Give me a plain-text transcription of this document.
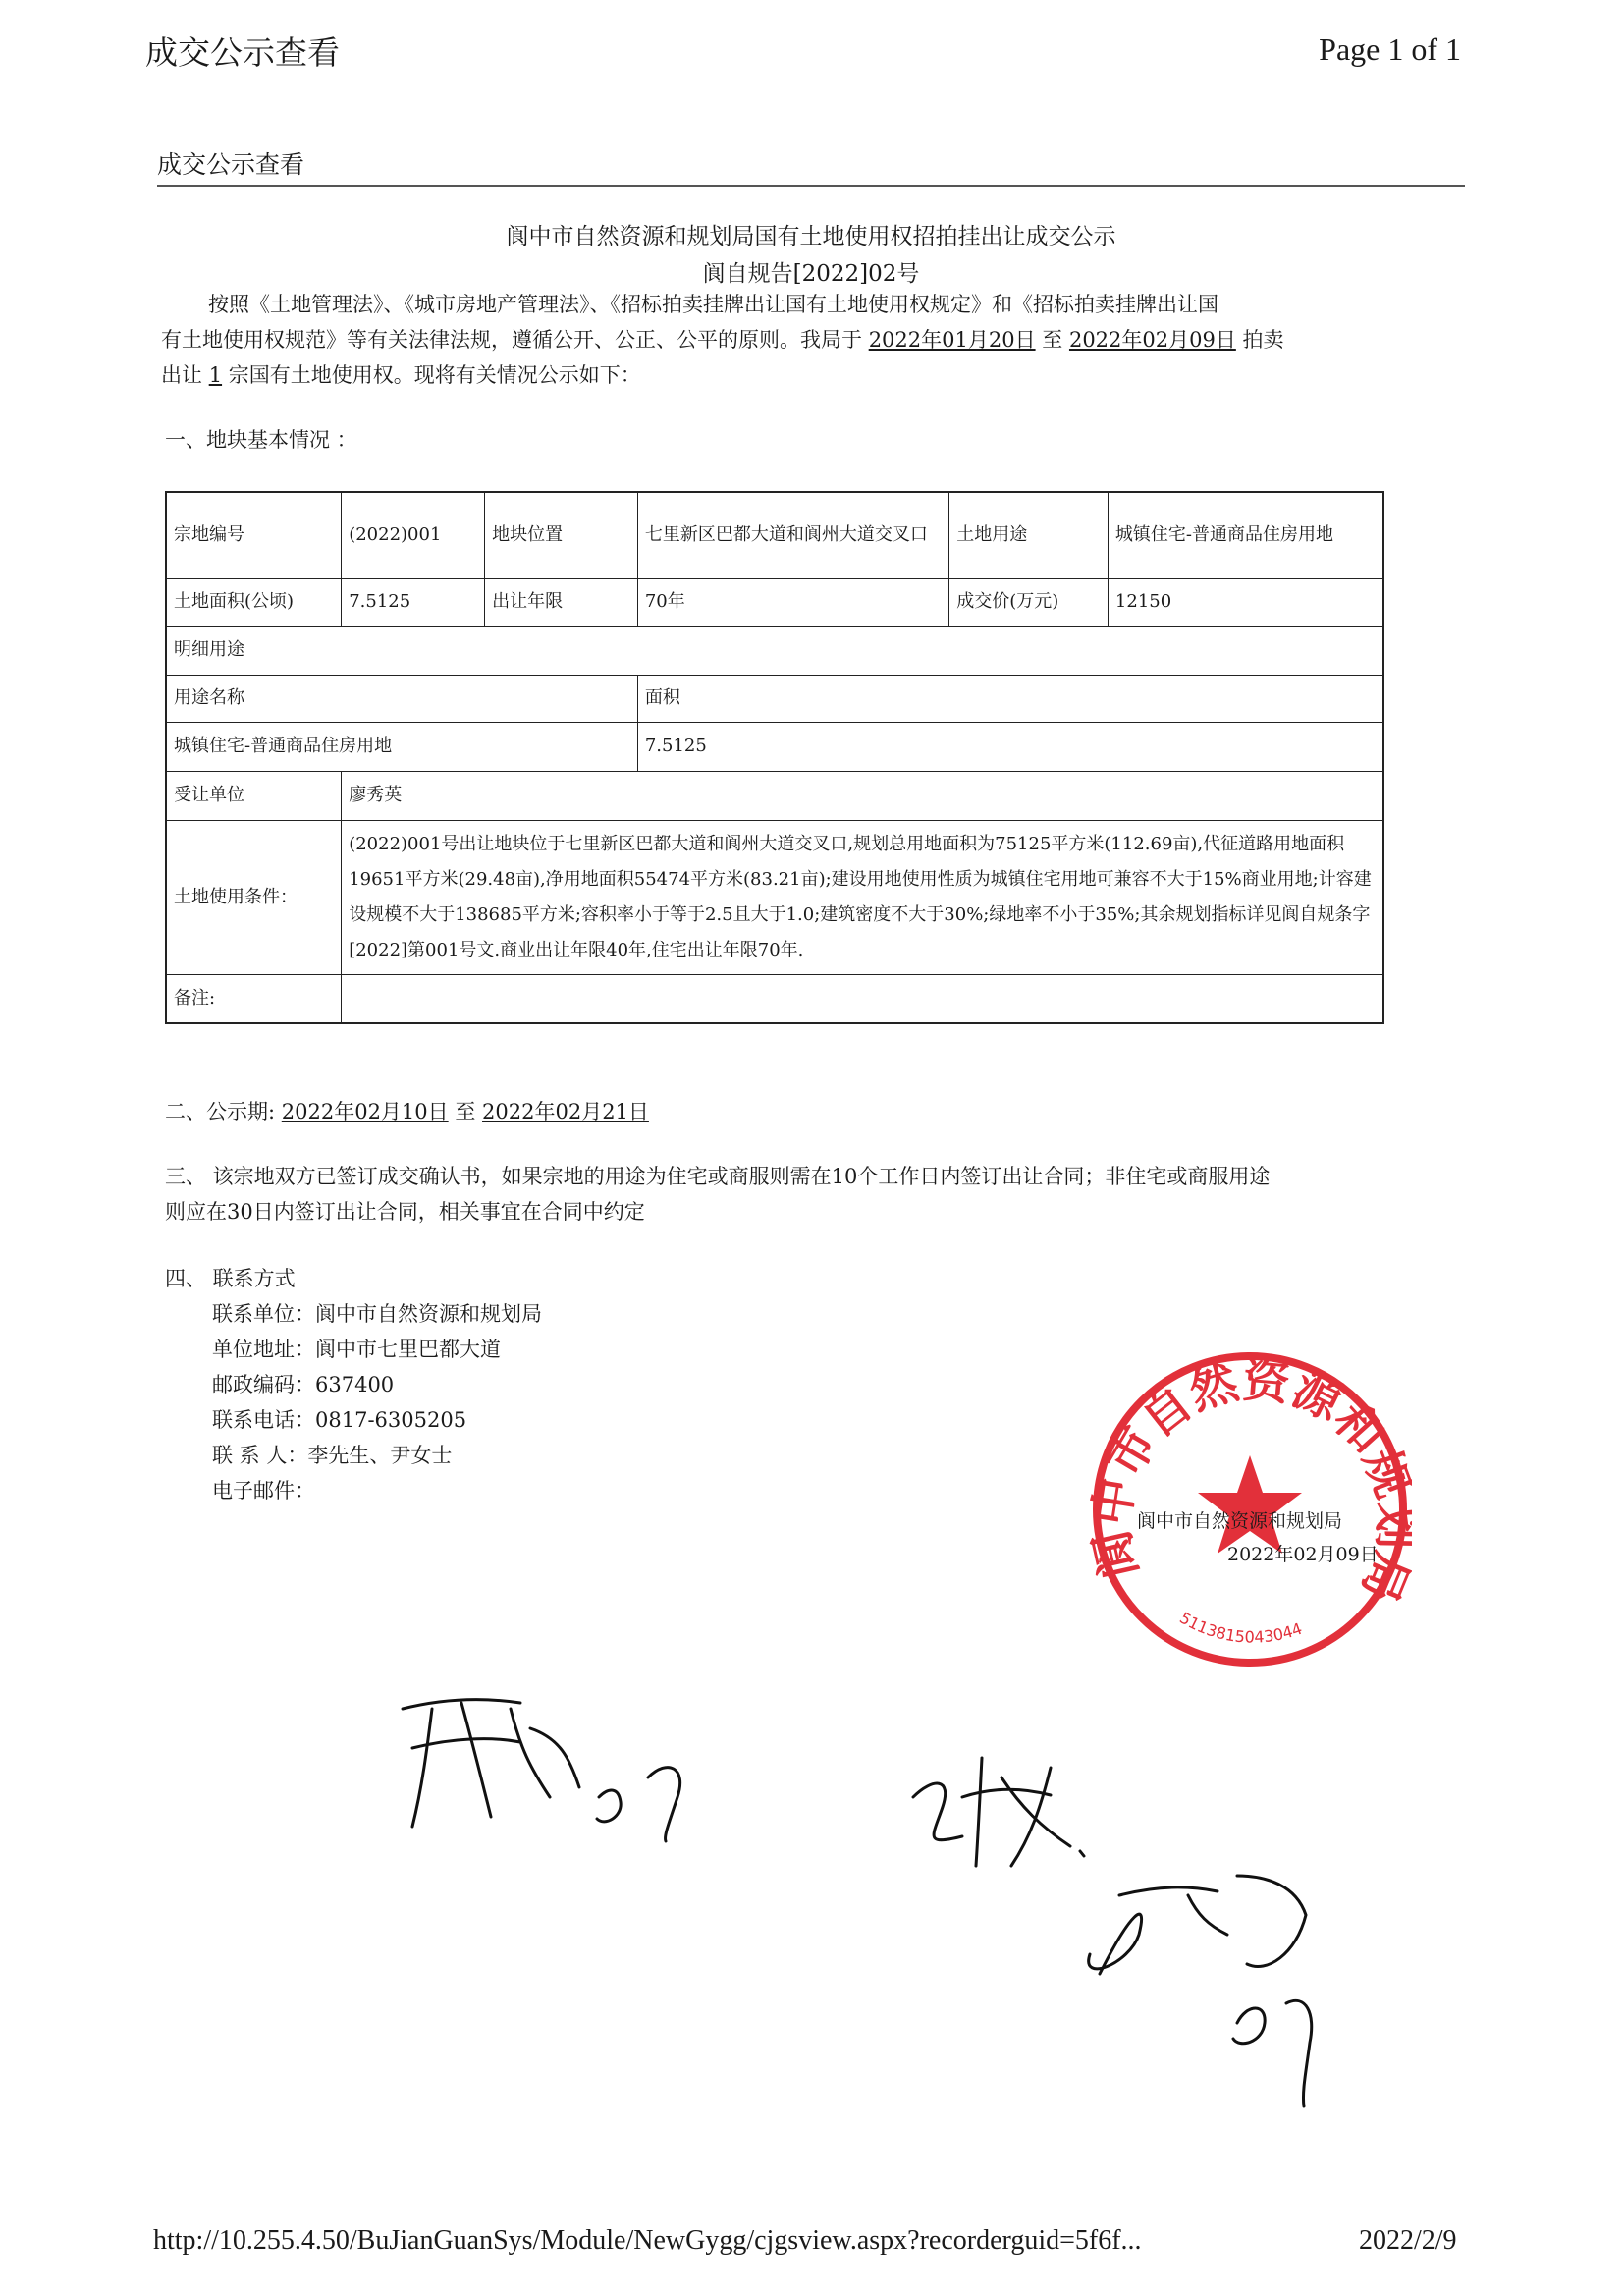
成交公示查看	Page 1 of 1
成交公示查看
阆中市自然资源和规划局国有土地使用权招拍挂出让成交公示
阆自规告[2022]02号
按照《土地管理法》、《城市房地产管理法》、《招标拍卖挂牌出让国有土地使用权规定》和《招标拍卖挂牌出让国
有土地使用权规范》等有关法律法规，遵循公开、公正、公平的原则。我局于 2022年01月20日 至 2022年02月09日 拍卖
出让 1 宗国有土地使用权。现将有关情况公示如下：
一、地块基本情况 ：
宗地编号	(2022)001	地块位置	七里新区巴都大道和阆州大道交叉口	土地用途	城镇住宅-普通商品住房用地
土地面积(公顷)	7.5125	出让年限	70年	成交价(万元)	12150
明细用途					
用途名称			面积		
城镇住宅-普通商品住房用地			7.5125		
受让单位	廖秀英				
土地使用条件：	(2022)001号出让地块位于七里新区巴都大道和阆州大道交叉口,规划总用地面积为75125平方米(112.69亩),代征道路用地面积19651平方米(29.48亩),净用地面积55474平方米(83.21亩);建设用地使用性质为城镇住宅用地可兼容不大于15%商业用地;计容建设规模不大于138685平方米;容积率小于等于2.5且大于1.0;建筑密度不大于30%;绿地率不小于35%;其余规划指标详见阆自规条字[2022]第001号文.商业出让年限40年,住宅出让年限70年.				
备注:					
二、公示期: 2022年02月10日 至 2022年02月21日
三、 该宗地双方已签订成交确认书，如果宗地的用途为住宅或商服则需在10个工作日内签订出让合同；非住宅或商服用途
则应在30日内签订出让合同，相关事宜在合同中约定
四、 联系方式
联系单位：阆中市自然资源和规划局
单位地址：阆中市七里巴都大道
邮政编码：637400
联系电话：0817-6305205
联 系 人：李先生、尹女士
电子邮件：
阆中市自然资源和
5113815043044
阆中市自然资源和规划局
2022年02月09日
http://10.255.4.50/BuJianGuanSys/Module/NewGygg/cjgsview.aspx?recorderguid=5f6f...	2022/2/9
